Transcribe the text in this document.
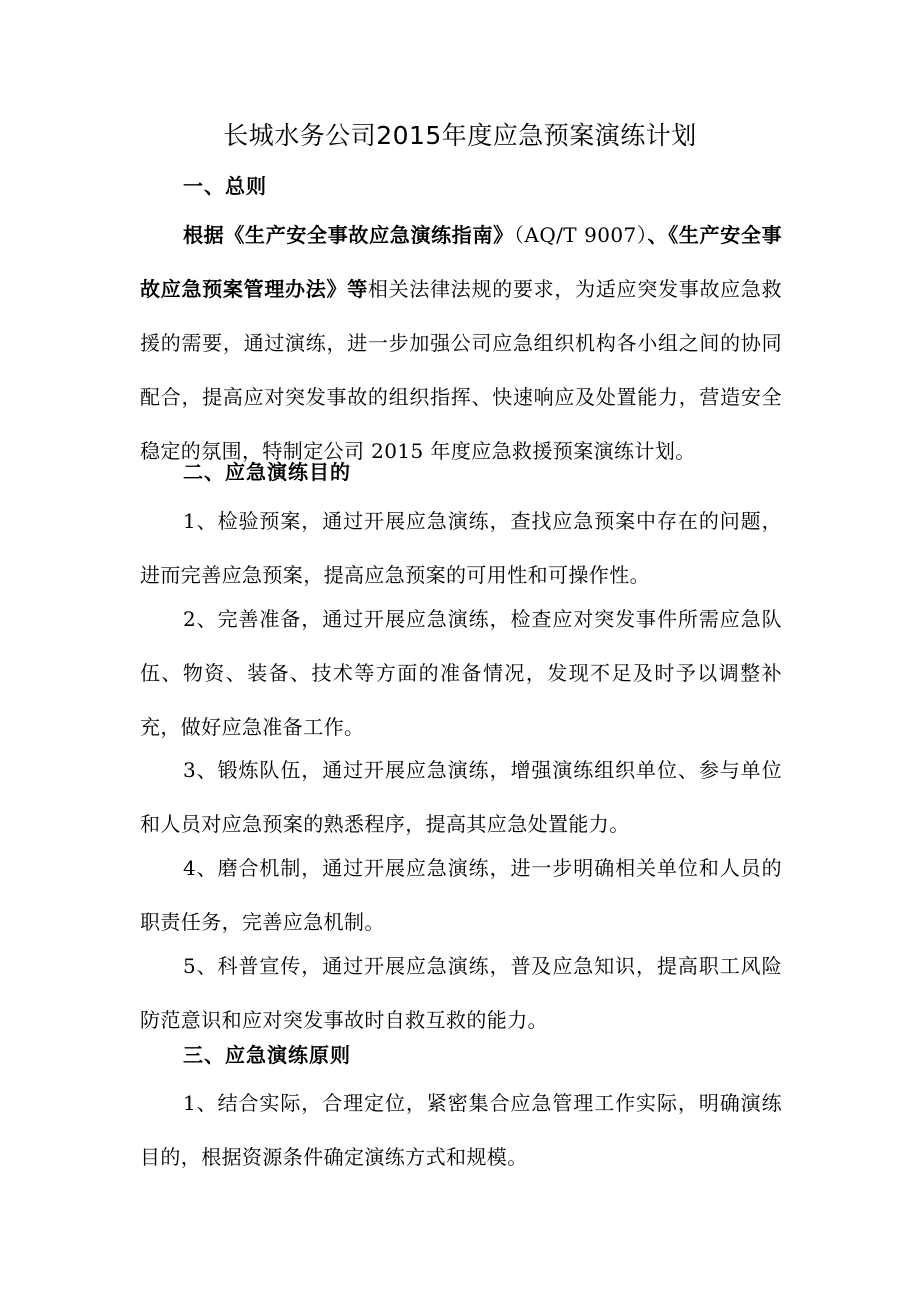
长城水务公司2015年度应急预案演练计划
一、总则
根据《生产安全事故应急演练指南》（AQ/T 9007）、《生产安全事故应急预案管理办法》等相关法律法规的要求，为适应突发事故应急救援的需要，通过演练，进一步加强公司应急组织机构各小组之间的协同配合，提高应对突发事故的组织指挥、快速响应及处置能力，营造安全稳定的氛围，特制定公司 2015 年度应急救援预案演练计划。
二、应急演练目的
1、检验预案，通过开展应急演练，查找应急预案中存在的问题，进而完善应急预案，提高应急预案的可用性和可操作性。
2、完善准备，通过开展应急演练，检查应对突发事件所需应急队伍、物资、装备、技术等方面的准备情况，发现不足及时予以调整补充，做好应急准备工作。
3、锻炼队伍，通过开展应急演练，增强演练组织单位、参与单位和人员对应急预案的熟悉程序，提高其应急处置能力。
4、磨合机制，通过开展应急演练，进一步明确相关单位和人员的职责任务，完善应急机制。
5、科普宣传，通过开展应急演练，普及应急知识，提高职工风险防范意识和应对突发事故时自救互救的能力。
三、应急演练原则
1、结合实际，合理定位，紧密集合应急管理工作实际，明确演练目的，根据资源条件确定演练方式和规模。
